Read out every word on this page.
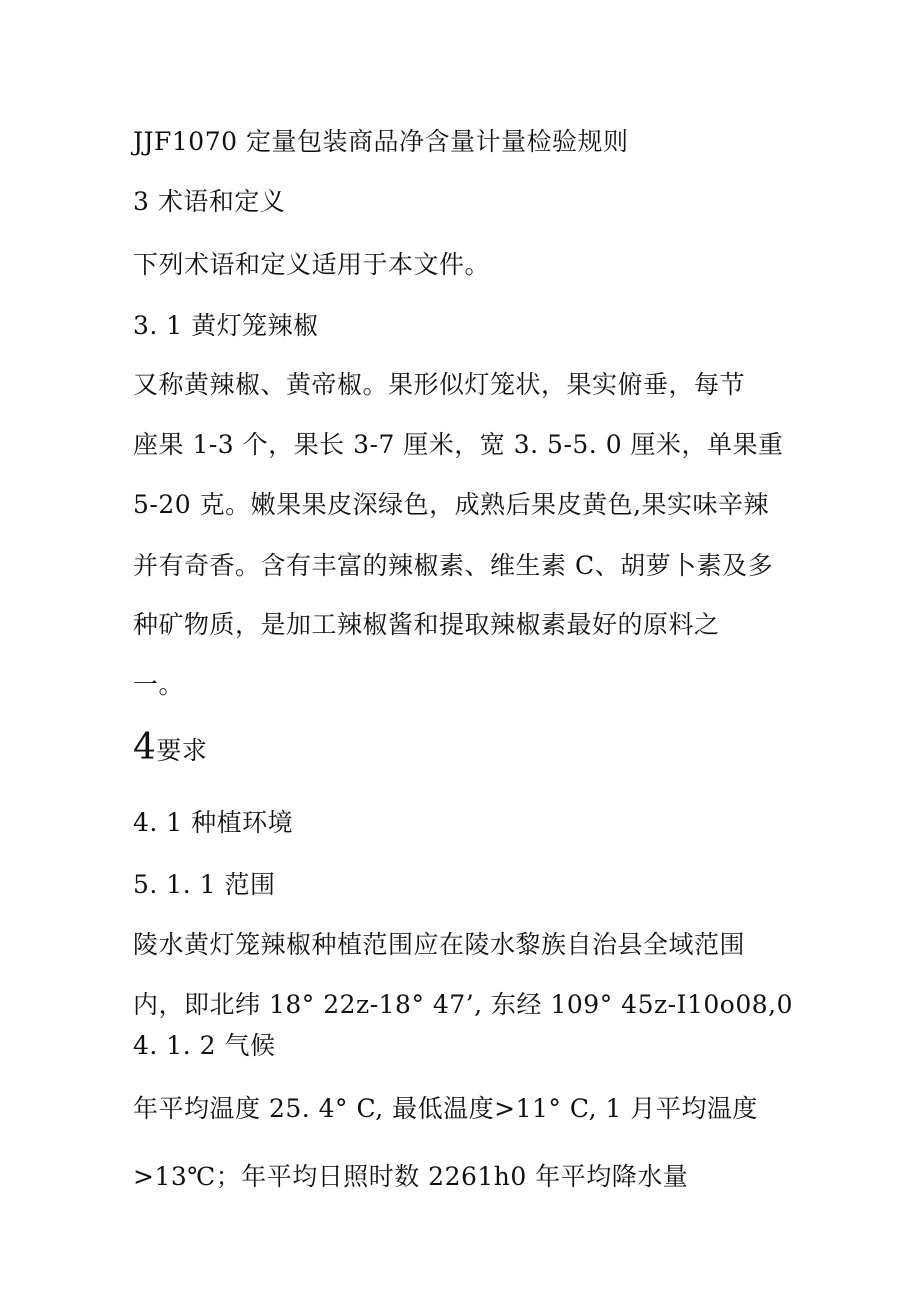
JJF1070 定量包装商品净含量计量检验规则
3 术语和定义
下列术语和定义适用于本文件。
3. 1 黄灯笼辣椒
又称黄辣椒、黄帝椒。果形似灯笼状，果实俯垂，每节
座果 1-3 个，果长 3-7 厘米，宽 3. 5-5. 0 厘米，单果重
5-20 克。嫩果果皮深绿色，成熟后果皮黄色,果实味辛辣
并有奇香。含有丰富的辣椒素、维生素 C、胡萝卜素及多
种矿物质，是加工辣椒酱和提取辣椒素最好的原料之
一。
4要求
4. 1 种植环境
5. 1. 1 范围
陵水黄灯笼辣椒种植范围应在陵水黎族自治县全域范围
内，即北纬 18° 22z-18° 47’, 东经 109° 45z-I10o08,0
4. 1. 2 气候
年平均温度 25. 4° C, 最低温度>11° C, 1 月平均温度
>13℃；年平均日照时数 2261h0 年平均降水量
